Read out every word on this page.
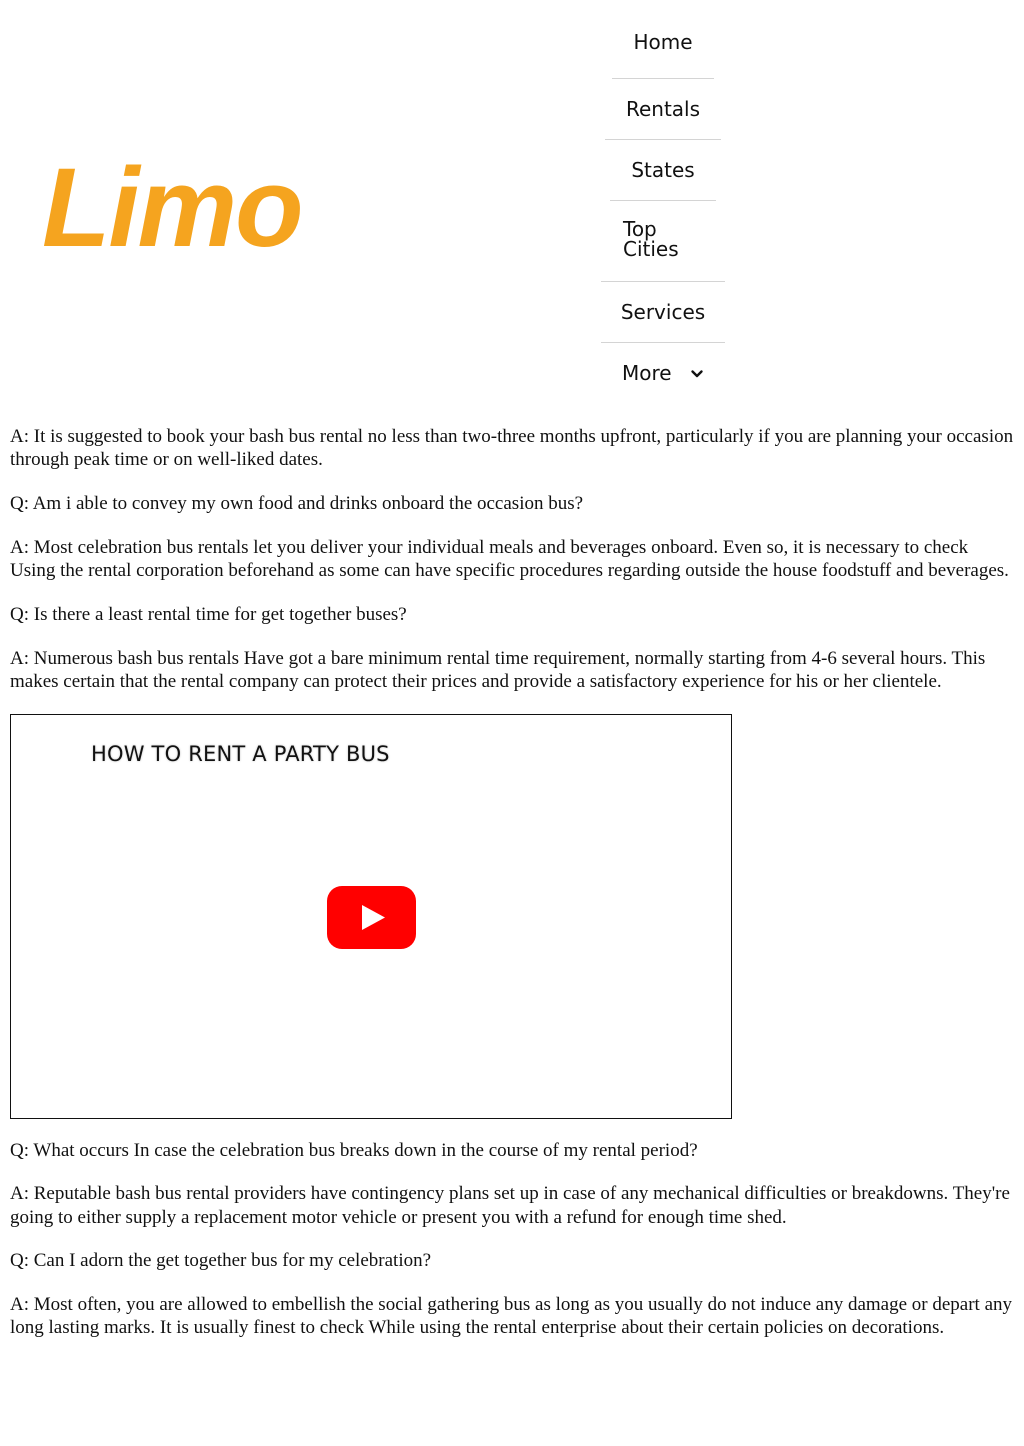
Limo
Home
Rentals
States
Top Cities
Services
More

A: It is suggested to book your bash bus rental no less than two-three months upfront, particularly if you are planning your occasion through peak time or on well-liked dates.

Q: Am i able to convey my own food and drinks onboard the occasion bus?

A: Most celebration bus rentals let you deliver your individual meals and beverages onboard. Even so, it is necessary to check Using the rental corporation beforehand as some can have specific procedures regarding outside the house foodstuff and beverages.

Q: Is there a least rental time for get together buses?

A: Numerous bash bus rentals Have got a bare minimum rental time requirement, normally starting from 4-6 several hours. This makes certain that the rental company can protect their prices and provide a satisfactory experience for his or her clientele.

HOW TO RENT A PARTY BUS

Q: What occurs In case the celebration bus breaks down in the course of my rental period?

A: Reputable bash bus rental providers have contingency plans set up in case of any mechanical difficulties or breakdowns. They're going to either supply a replacement motor vehicle or present you with a refund for enough time shed.

Q: Can I adorn the get together bus for my celebration?

A: Most often, you are allowed to embellish the social gathering bus as long as you usually do not induce any damage or depart any long lasting marks. It is usually finest to check While using the rental enterprise about their certain policies on decorations.
